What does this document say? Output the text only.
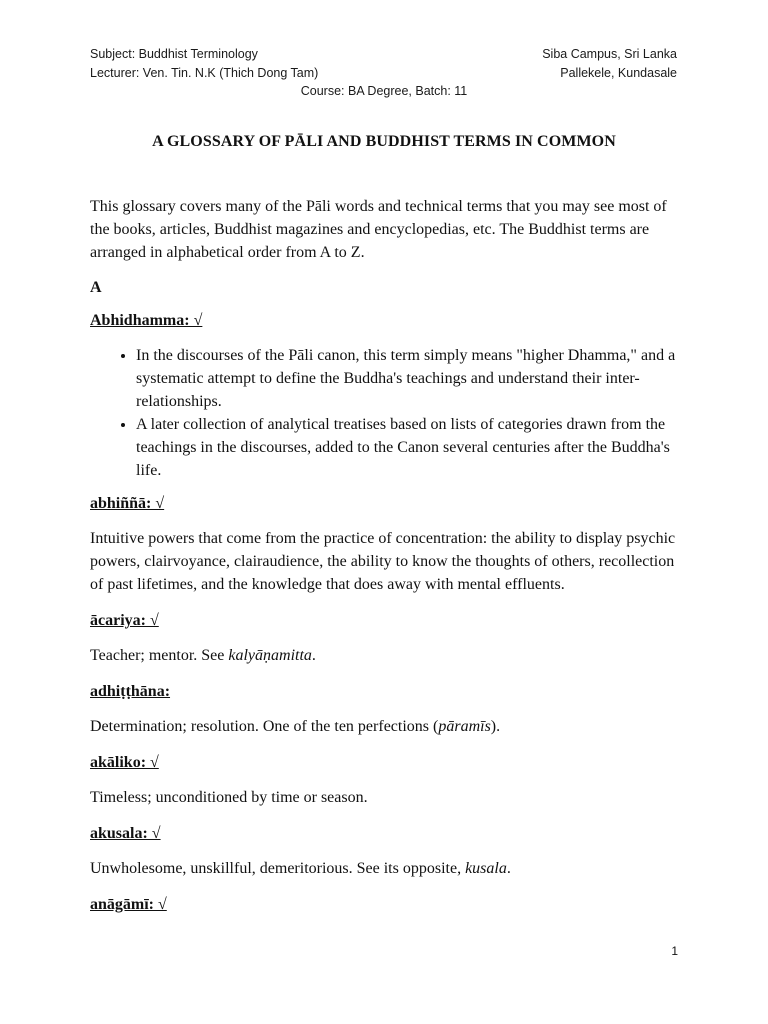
Subject: Buddhist Terminology
Lecturer: Ven. Tin. N.K (Thich Dong Tam)
Siba Campus, Sri Lanka
Pallekele, Kundasale
Course: BA Degree, Batch: 11
A GLOSSARY OF PĀLI AND BUDDHIST TERMS IN COMMON

This glossary covers many of the Pāli words and technical terms that you may see most of the books, articles, Buddhist magazines and encyclopedias, etc. The Buddhist terms are arranged in alphabetical order from A to Z.

A

Abhidhamma: √

• In the discourses of the Pāli canon, this term simply means "higher Dhamma," and a systematic attempt to define the Buddha's teachings and understand their inter-relationships.
• A later collection of analytical treatises based on lists of categories drawn from the teachings in the discourses, added to the Canon several centuries after the Buddha's life.

abhiññā: √

Intuitive powers that come from the practice of concentration: the ability to display psychic powers, clairvoyance, clairaudience, the ability to know the thoughts of others, recollection of past lifetimes, and the knowledge that does away with mental effluents.

ācariya: √

Teacher; mentor. See kalyāṇamitta.

adhiṭṭhāna:

Determination; resolution. One of the ten perfections (pāramīs).

akāliko: √

Timeless; unconditioned by time or season.

akusala: √

Unwholesome, unskillful, demeritorious. See its opposite, kusala.

anāgāmī: √

1
